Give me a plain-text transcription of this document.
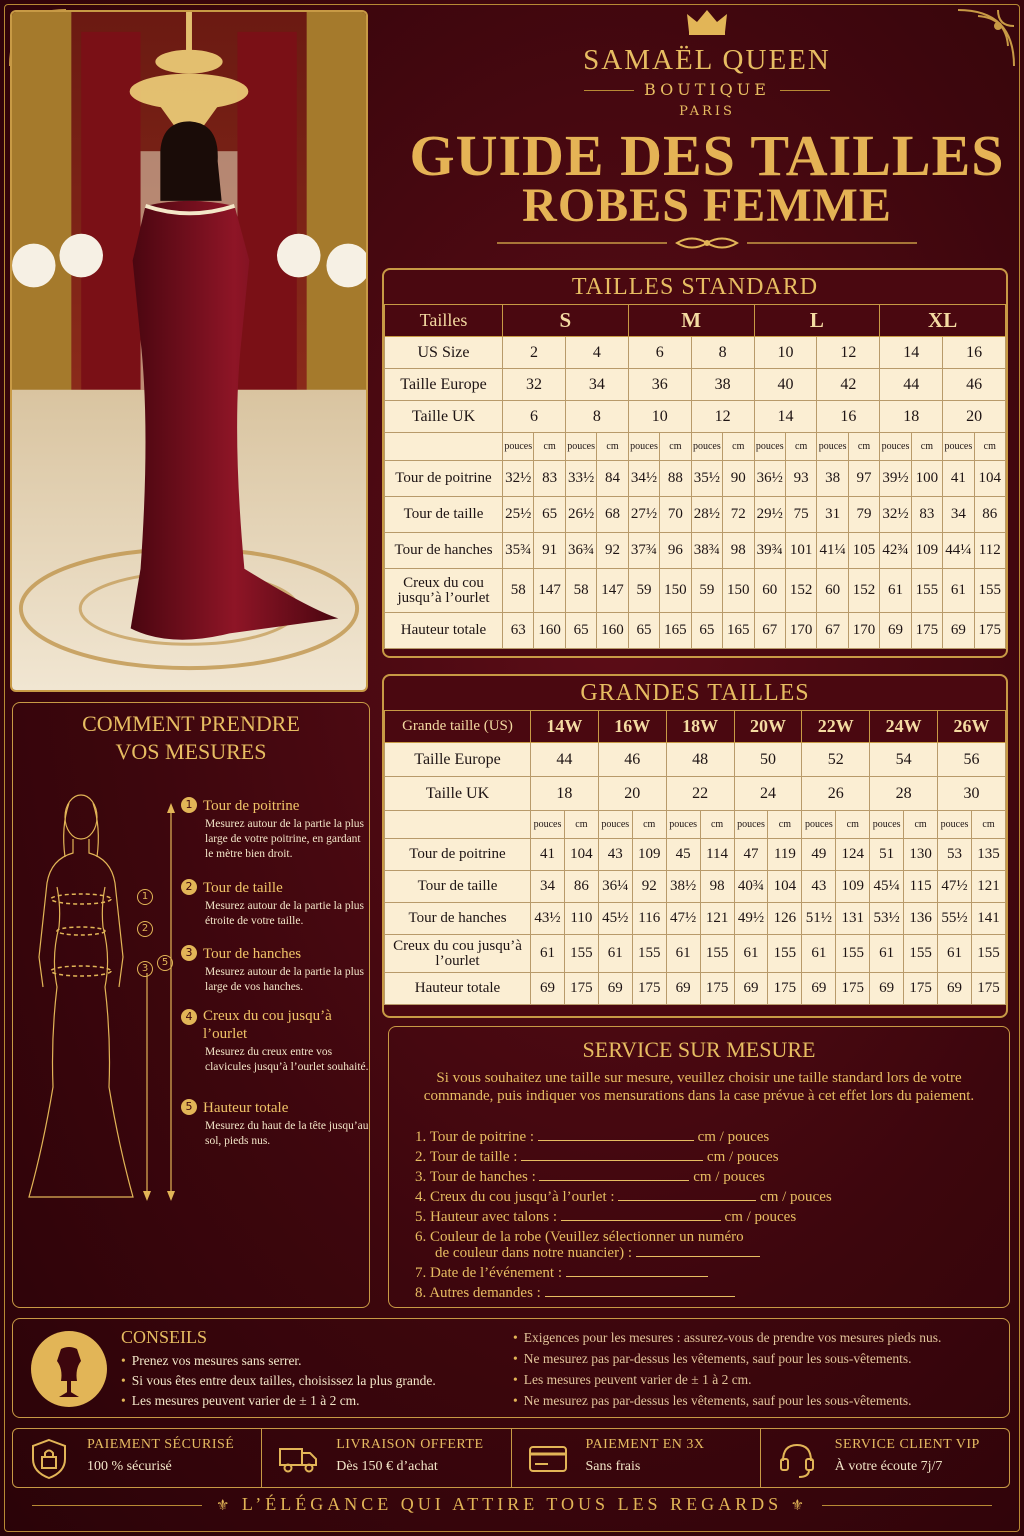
SAMAËL QUEEN
BOUTIQUE
PARIS
GUIDE DES TAILLES
ROBES FEMME
TAILLES STANDARD
Tailles	S				M				L				XL			
US Size	2		4		6		8		10		12		14		16	
Taille Europe	32		34		36		38		40		42		44		46	
Taille UK	6		8		10		12		14		16		18		20	
	pouces	cm	pouces	cm	pouces	cm	pouces	cm	pouces	cm	pouces	cm	pouces	cm	pouces	cm
Tour de poitrine	32½	83	33½	84	34½	88	35½	90	36½	93	38	97	39½	100	41	104
Tour de taille	25½	65	26½	68	27½	70	28½	72	29½	75	31	79	32½	83	34	86
Tour de hanches	35¾	91	36¾	92	37¾	96	38¾	98	39¾	101	41¼	105	42¾	109	44¼	112
Creux du cou jusqu’à l’ourlet	58	147	58	147	59	150	59	150	60	152	60	152	61	155	61	155
Hauteur totale	63	160	65	160	65	165	65	165	67	170	67	170	69	175	69	175
GRANDES TAILLES
Grande taille (US)	14W		16W		18W		20W		22W		24W		26W	
Taille Europe	44		46		48		50		52		54		56	
Taille UK	18		20		22		24		26		28		30	
	pouces	cm	pouces	cm	pouces	cm	pouces	cm	pouces	cm	pouces	cm	pouces	cm
Tour de poitrine	41	104	43	109	45	114	47	119	49	124	51	130	53	135
Tour de taille	34	86	36¼	92	38½	98	40¾	104	43	109	45¼	115	47½	121
Tour de hanches	43½	110	45½	116	47½	121	49½	126	51½	131	53½	136	55½	141
Creux du cou jusqu’à l’ourlet	61	155	61	155	61	155	61	155	61	155	61	155	61	155
Hauteur totale	69	175	69	175	69	175	69	175	69	175	69	175	69	175
COMMENT PRENDRE
VOS MESURES
1
2
3
5
1 Tour de poitrine
Mesurez autour de la partie la plus large de votre poitrine, en gardant le mètre bien droit.
2 Tour de taille
Mesurez autour de la partie la plus étroite de votre taille.
3 Tour de hanches
Mesurez autour de la partie la plus large de vos hanches.
4 Creux du cou jusqu’à l’ourlet
Mesurez du creux entre vos clavicules jusqu’à l’ourlet souhaité.
5 Hauteur totale
Mesurez du haut de la tête jusqu’au sol, pieds nus.
SERVICE SUR MESURE
Si vous souhaitez une taille sur mesure, veuillez choisir une taille standard lors de votre commande, puis indiquer vos mensurations dans la case prévue à cet effet lors du paiement.
1. Tour de poitrine :	cm / pouces
2. Tour de taille :	cm / pouces
3. Tour de hanches :	cm / pouces
4. Creux du cou jusqu’à l’ourlet :	cm / pouces
5. Hauteur avec talons :	cm / pouces
6. Couleur de la robe (Veuillez sélectionner un numéro
de couleur dans notre nuancier) :
7. Date de l’événement :
8. Autres demandes :
CONSEILS
• Prenez vos mesures sans serrer.
• Si vous êtes entre deux tailles, choisissez la plus grande.
• Les mesures peuvent varier de ± 1 à 2 cm.
• Exigences pour les mesures : assurez-vous de prendre vos mesures pieds nus.
• Ne mesurez pas par-dessus les vêtements, sauf pour les sous-vêtements.
• Les mesures peuvent varier de ± 1 à 2 cm.
• Ne mesurez pas par-dessus les vêtements, sauf pour les sous-vêtements.
PAIEMENT SÉCURISÉ
100 % sécurisé
LIVRAISON OFFERTE
Dès 150 € d’achat
PAIEMENT EN 3X
Sans frais
SERVICE CLIENT VIP
À votre écoute 7j/7
⚜ L’ÉLÉGANCE QUI ATTIRE TOUS LES REGARDS ⚜
